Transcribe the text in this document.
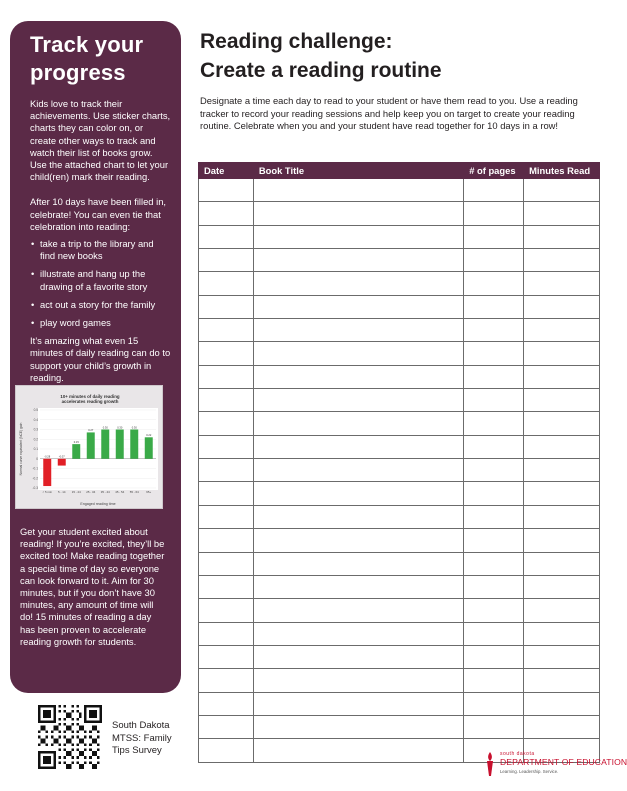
Track your
progress

Kids love to track their achievements. Use sticker charts, charts they can color on, or create other ways to track and watch their list of books grow. Use the attached chart to let your child(ren) mark their reading.

After 10 days have been filled in, celebrate! You can even tie that celebration into reading:

• take a trip to the library and find new books
• illustrate and hang up the drawing of a favorite story
• act out a story for the family
• play word games

It’s amazing what even 15 minutes of daily reading can do to support your child’s growth in reading.

10+ minutes of daily reading
accelerates reading growth
-0.28	-0.07
0.15
0.27
0.30	0.30	0.30
0.22
-0.3
-0.2
-0.1
0
0.1
0.2
0.3
0.4
0.5
< 5 min 5 - 14 15 - 24 25 - 34 35 - 44 45 - 54 55 - 64	65+
Normal curve equivalent (NCE) gain
Engaged reading time

Get your student excited about reading! If you’re excited, they’ll be excited too! Make reading together a special time of day so everyone can look forward to it. Aim for 30 minutes, but if you don’t have 30 minutes, any amount of time will do! 15 minutes of reading a day has been proven to accelerate reading growth for students.

South Dakota
MTSS: Family
Tips Survey
Reading challenge:
Create a reading routine

Designate a time each day to read to your student or have them read to you. Use a reading tracker to record your reading sessions and help keep you on target to create your reading routine. Celebrate when you and your student have read together for 10 days in a row!

Date	Book Title	# of pages	Minutes Read

south dakota
DEPARTMENT OF EDUCATION
Learning. Leadership. Service.
